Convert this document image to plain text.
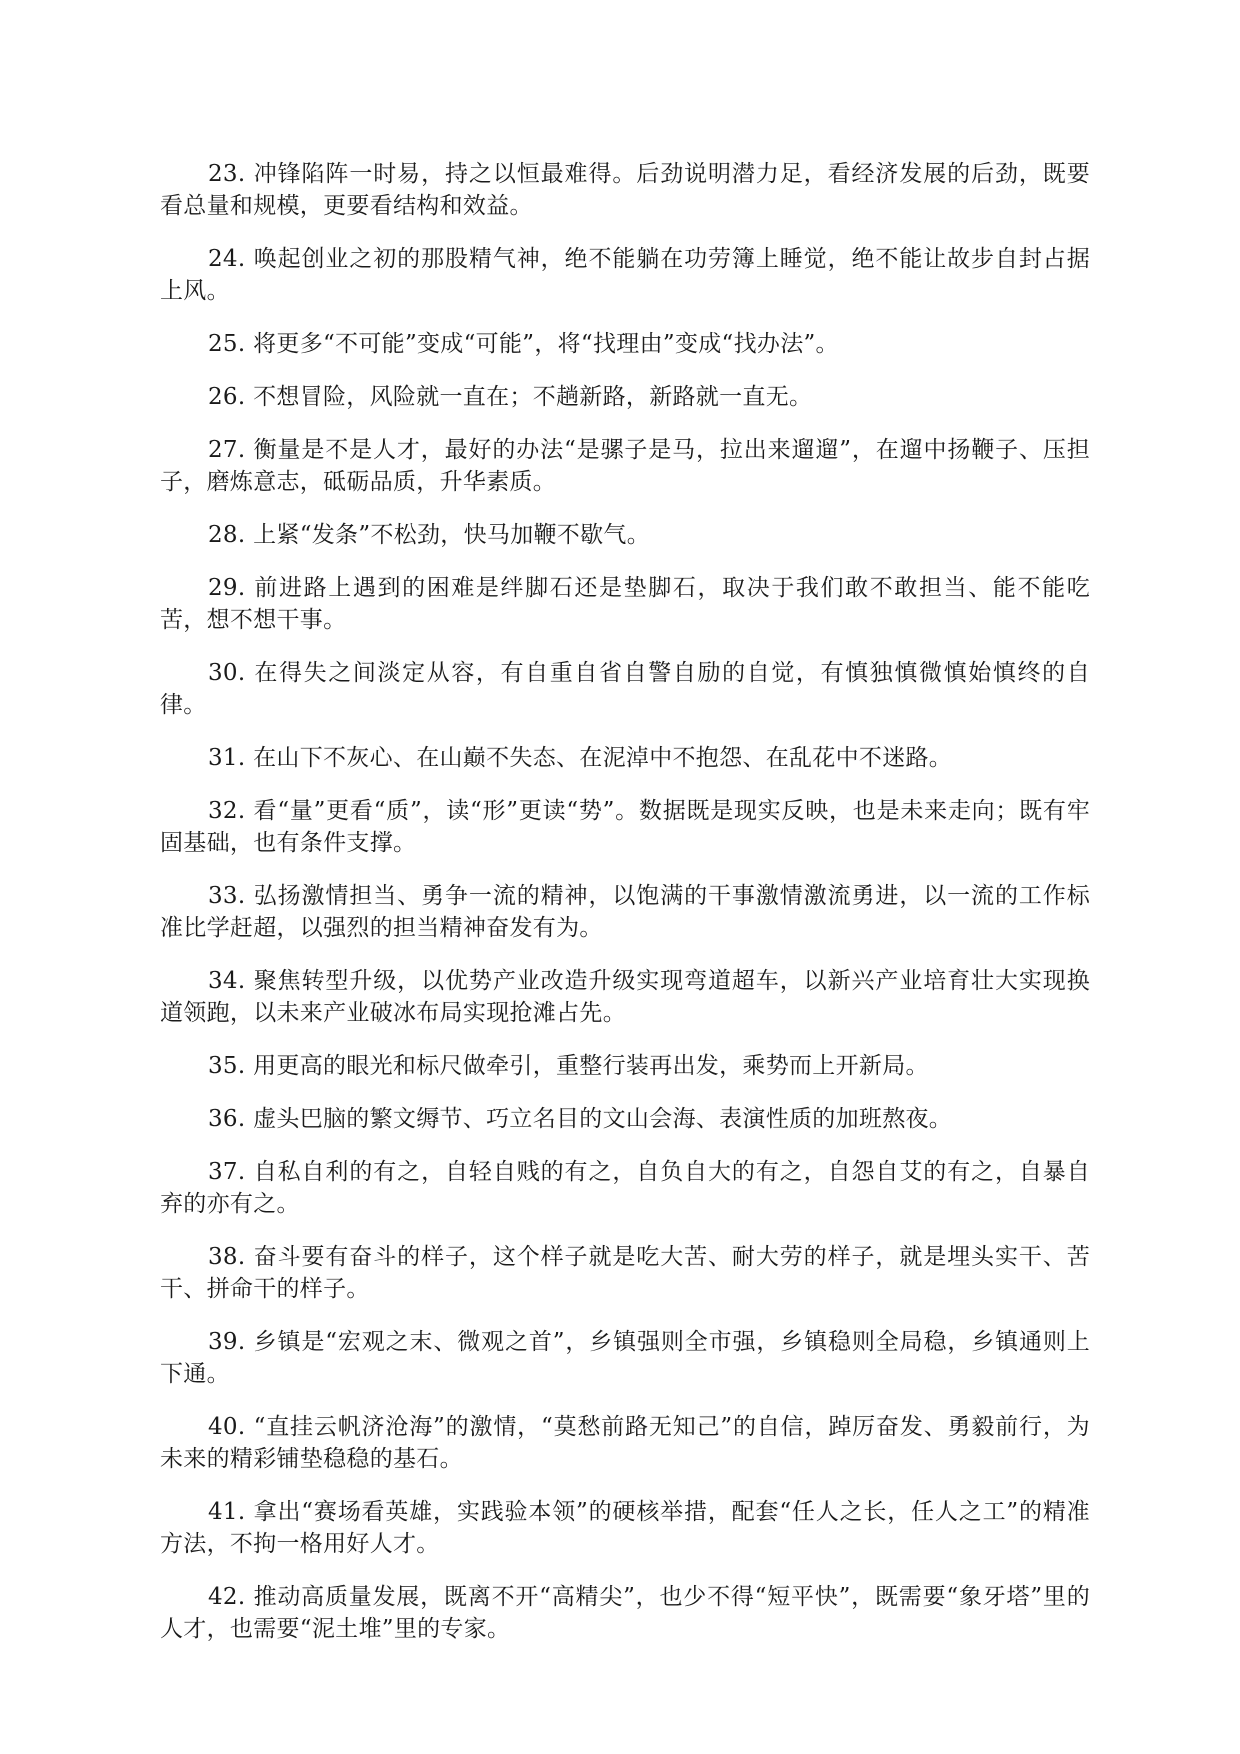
23. 冲锋陷阵一时易，持之以恒最难得。后劲说明潜力足，看经济发展的后劲，既要看总量和规模，更要看结构和效益。

24. 唤起创业之初的那股精气神，绝不能躺在功劳簿上睡觉，绝不能让故步自封占据上风。

25. 将更多“不可能”变成“可能”，将“找理由”变成“找办法”。

26. 不想冒险，风险就一直在；不趟新路，新路就一直无。

27. 衡量是不是人才，最好的办法“是骡子是马，拉出来遛遛”，在遛中扬鞭子、压担子，磨炼意志，砥砺品质，升华素质。

28. 上紧“发条”不松劲，快马加鞭不歇气。

29. 前进路上遇到的困难是绊脚石还是垫脚石，取决于我们敢不敢担当、能不能吃苦，想不想干事。

30. 在得失之间淡定从容，有自重自省自警自励的自觉，有慎独慎微慎始慎终的自律。

31. 在山下不灰心、在山巅不失态、在泥淖中不抱怨、在乱花中不迷路。

32. 看“量”更看“质”，读“形”更读“势”。数据既是现实反映，也是未来走向；既有牢固基础，也有条件支撑。

33. 弘扬激情担当、勇争一流的精神，以饱满的干事激情激流勇进，以一流的工作标准比学赶超，以强烈的担当精神奋发有为。

34. 聚焦转型升级，以优势产业改造升级实现弯道超车，以新兴产业培育壮大实现换道领跑，以未来产业破冰布局实现抢滩占先。

35. 用更高的眼光和标尺做牵引，重整行装再出发，乘势而上开新局。

36. 虚头巴脑的繁文缛节、巧立名目的文山会海、表演性质的加班熬夜。

37. 自私自利的有之，自轻自贱的有之，自负自大的有之，自怨自艾的有之，自暴自弃的亦有之。

38. 奋斗要有奋斗的样子，这个样子就是吃大苦、耐大劳的样子，就是埋头实干、苦干、拼命干的样子。

39. 乡镇是“宏观之末、微观之首”，乡镇强则全市强，乡镇稳则全局稳，乡镇通则上下通。

40. “直挂云帆济沧海”的激情，“莫愁前路无知己”的自信，踔厉奋发、勇毅前行，为未来的精彩铺垫稳稳的基石。

41. 拿出“赛场看英雄，实践验本领”的硬核举措，配套“任人之长，任人之工”的精准方法，不拘一格用好人才。

42. 推动高质量发展，既离不开“高精尖”，也少不得“短平快”，既需要“象牙塔”里的人才，也需要“泥土堆”里的专家。
